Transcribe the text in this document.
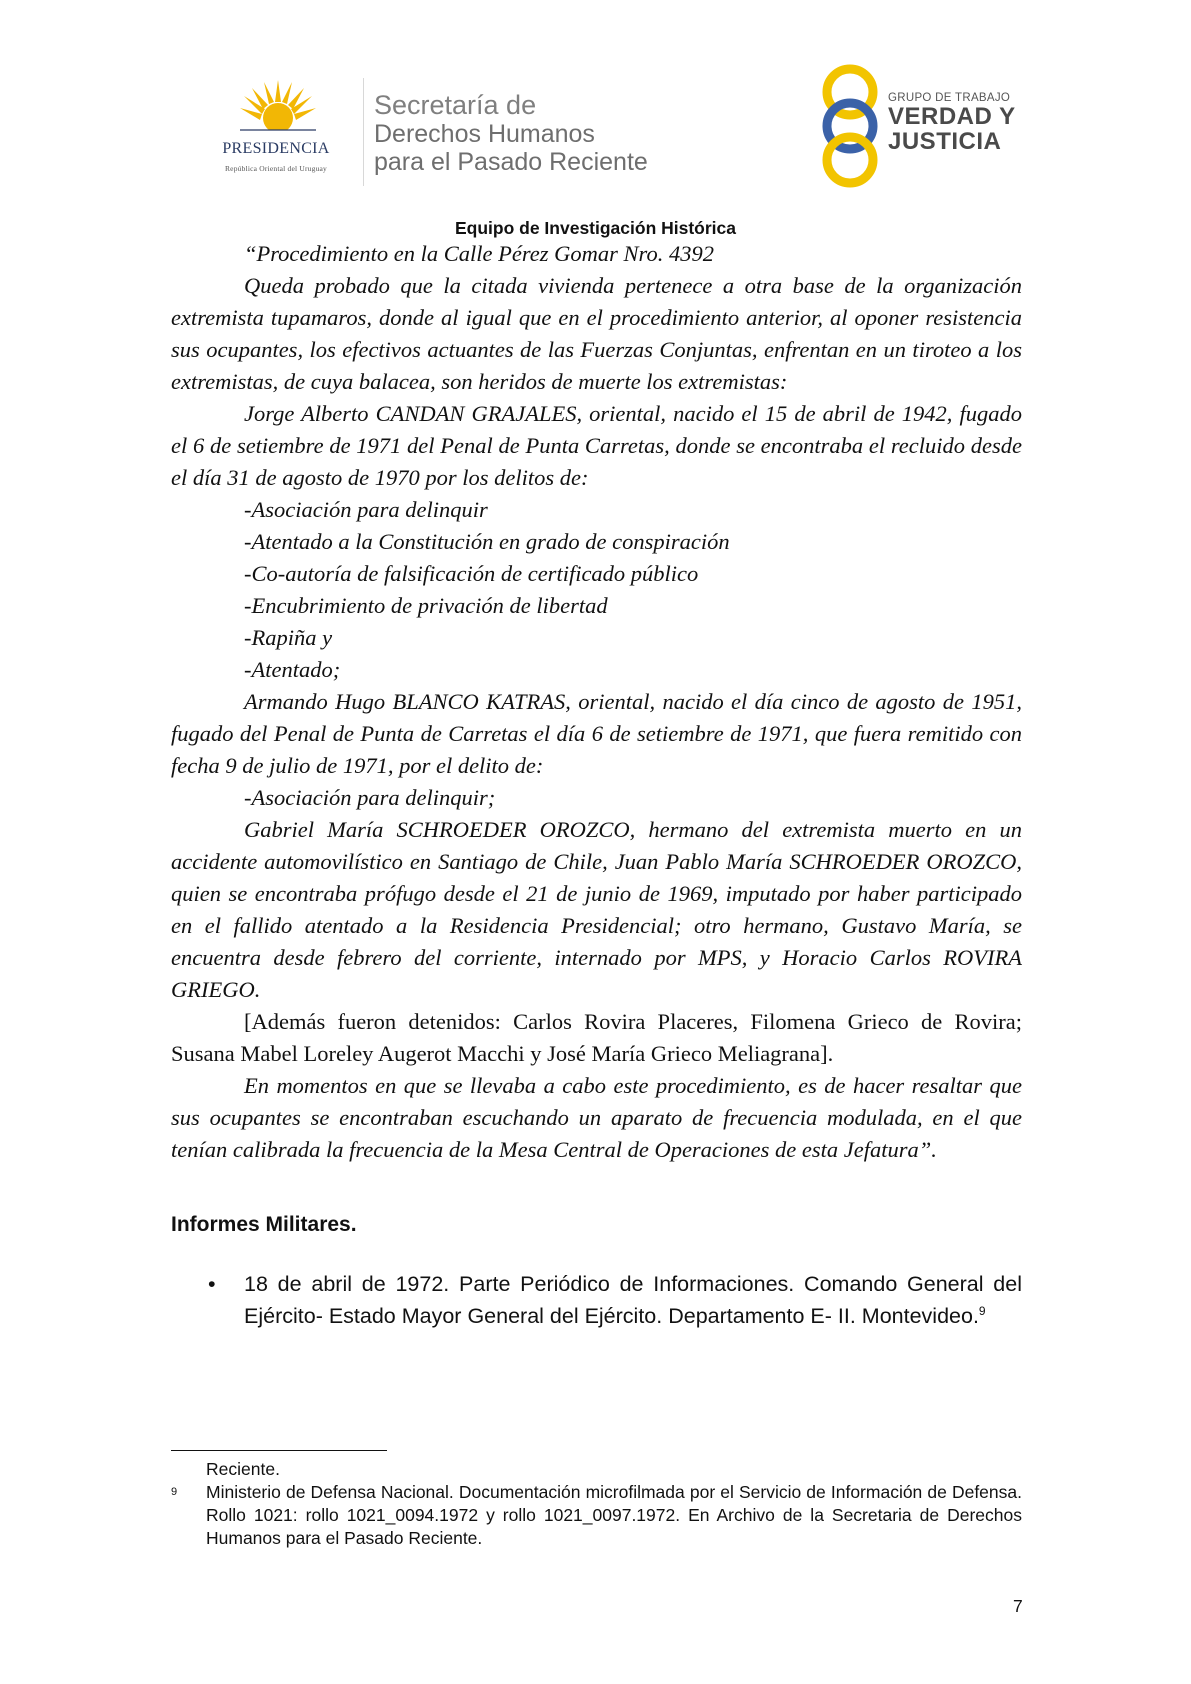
PRESIDENCIA
República Oriental del Uruguay
Secretaría de
Derechos Humanos
para el Pasado Reciente
GRUPO DE TRABAJO
VERDAD Y
JUSTICIA
Equipo de Investigación Histórica

“Procedimiento en la Calle Pérez Gomar Nro. 4392

Queda probado que la citada vivienda pertenece a otra base de la organización extremista tupamaros, donde al igual que en el procedimiento anterior, al oponer resistencia sus ocupantes, los efectivos actuantes de las Fuerzas Conjuntas, enfrentan en un tiroteo a los extremistas, de cuya balacea, son heridos de muerte los extremistas:

Jorge Alberto CANDAN GRAJALES, oriental, nacido el 15 de abril de 1942, fugado el 6 de setiembre de 1971 del Penal de Punta Carretas, donde se encontraba el recluido desde el día 31 de agosto de 1970 por los delitos de:

-Asociación para delinquir

-Atentado a la Constitución en grado de conspiración

-Co-autoría de falsificación de certificado público

-Encubrimiento de privación de libertad

-Rapiña y

-Atentado;

Armando Hugo BLANCO KATRAS, oriental, nacido el día cinco de agosto de 1951, fugado del Penal de Punta de Carretas el día 6 de setiembre de 1971, que fuera remitido con fecha 9 de julio de 1971, por el delito de:

-Asociación para delinquir;

Gabriel María SCHROEDER OROZCO, hermano del extremista muerto en un accidente automovilístico en Santiago de Chile, Juan Pablo María SCHROEDER OROZCO, quien se encontraba prófugo desde el 21 de junio de 1969, imputado por haber participado en el fallido atentado a la Residencia Presidencial; otro hermano, Gustavo María, se encuentra desde febrero del corriente, internado por MPS, y Horacio Carlos ROVIRA GRIEGO.

[Además fueron detenidos: Carlos Rovira Placeres, Filomena Grieco de Rovira; Susana Mabel Loreley Augerot Macchi y José María Grieco Meliagrana].

En momentos en que se llevaba a cabo este procedimiento, es de hacer resaltar que sus ocupantes se encontraban escuchando un aparato de frecuencia modulada, en el que tenían calibrada la frecuencia de la Mesa Central de Operaciones de esta Jefatura”.

Informes Militares.
• 18 de abril de 1972. Parte Periódico de Informaciones. Comando General del Ejército- Estado Mayor General del Ejército. Departamento E- II. Montevideo.$^9$
Reciente.
9 Ministerio de Defensa Nacional. Documentación microfilmada por el Servicio de Información de Defensa. Rollo 1021: rollo 1021_0094.1972 y rollo 1021_0097.1972. En Archivo de la Secretaria de Derechos Humanos para el Pasado Reciente.
7
